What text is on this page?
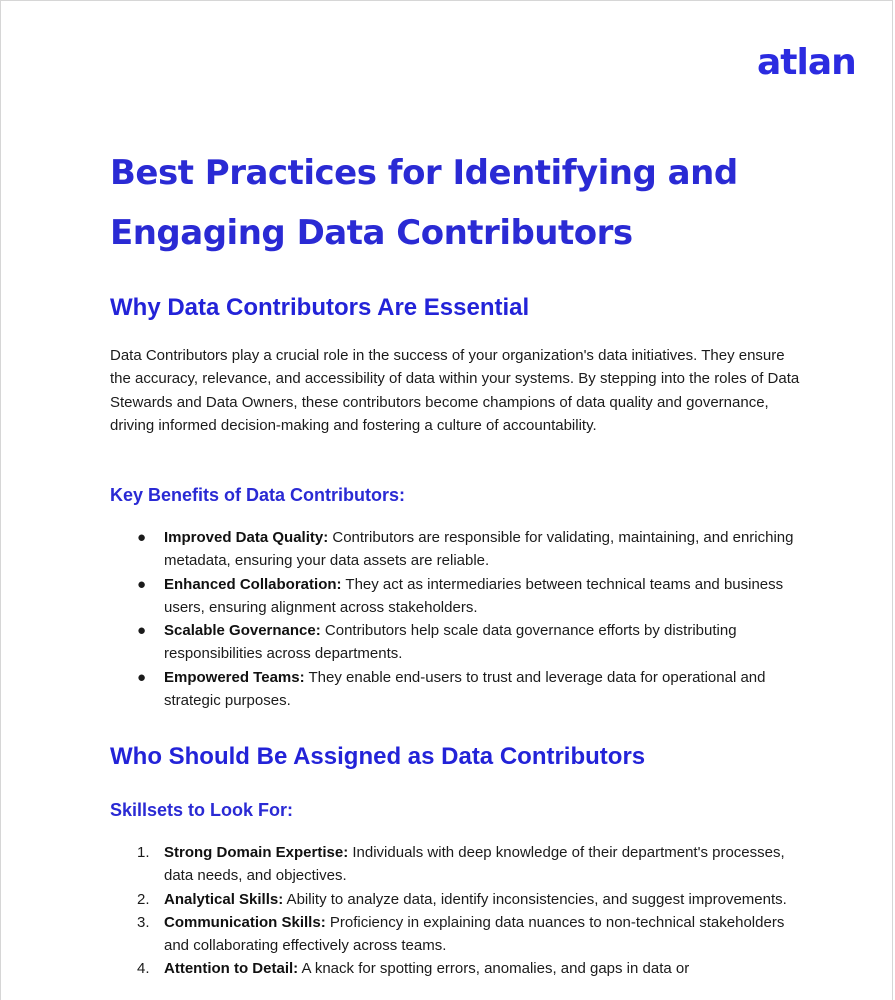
atlan
Best Practices for Identifying and Engaging Data Contributors
Why Data Contributors Are Essential

Data Contributors play a crucial role in the success of your organization's data initiatives. They ensure the accuracy, relevance, and accessibility of data within your systems. By stepping into the roles of Data Stewards and Data Owners, these contributors become champions of data quality and governance, driving informed decision-making and fostering a culture of accountability.

Key Benefits of Data Contributors:
● Improved Data Quality: Contributors are responsible for validating, maintaining, and enriching metadata, ensuring your data assets are reliable.
● Enhanced Collaboration: They act as intermediaries between technical teams and business users, ensuring alignment across stakeholders.
● Scalable Governance: Contributors help scale data governance efforts by distributing responsibilities across departments.
● Empowered Teams: They enable end-users to trust and leverage data for operational and strategic purposes.
Who Should Be Assigned as Data Contributors
Skillsets to Look For:
1. Strong Domain Expertise: Individuals with deep knowledge of their department's processes, data needs, and objectives.
2. Analytical Skills: Ability to analyze data, identify inconsistencies, and suggest improvements.
3. Communication Skills: Proficiency in explaining data nuances to non-technical stakeholders and collaborating effectively across teams.
4. Attention to Detail: A knack for spotting errors, anomalies, and gaps in data or
